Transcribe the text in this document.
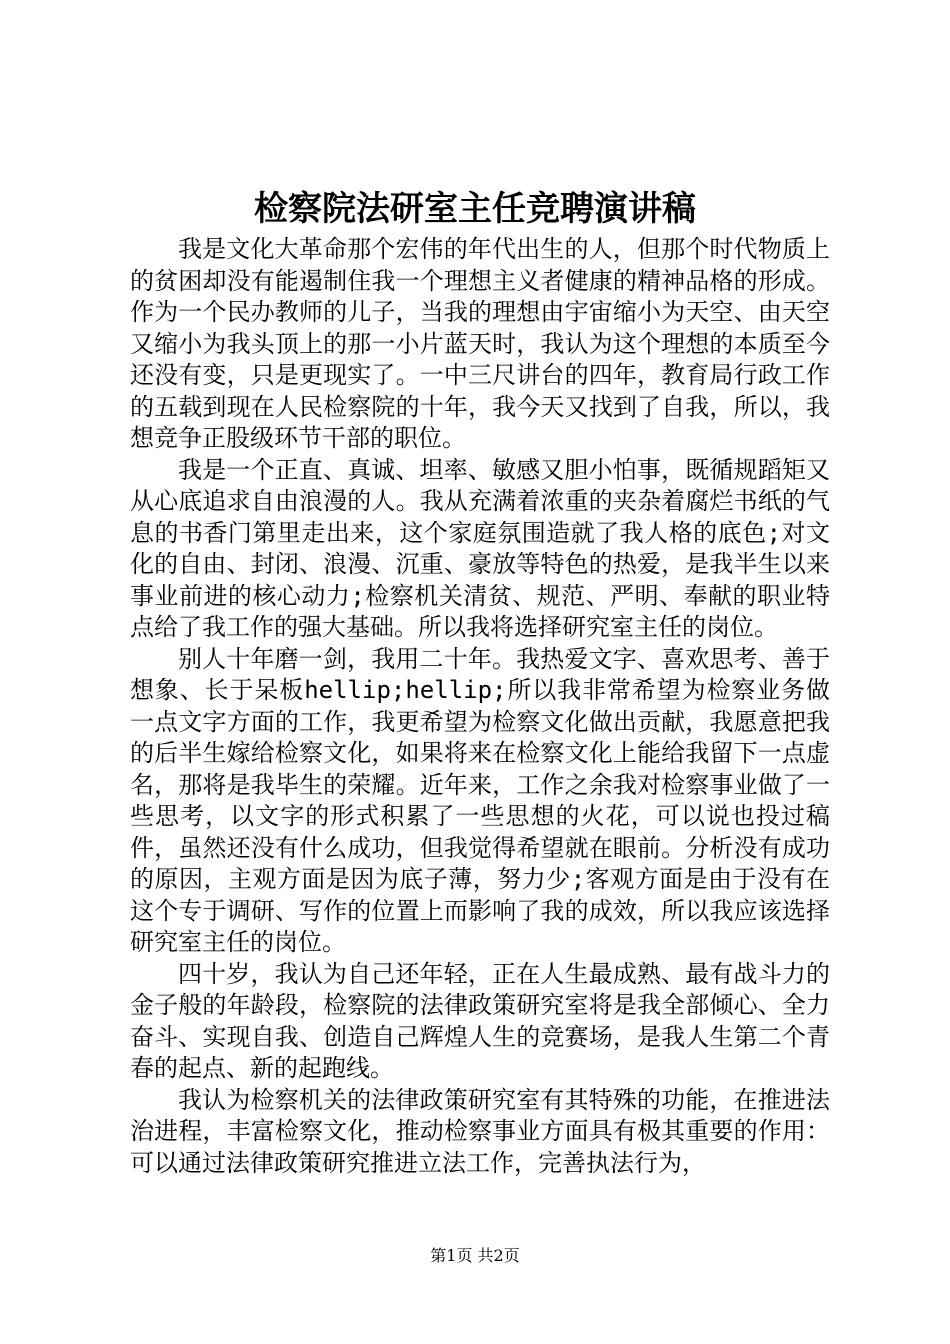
检察院法研室主任竞聘演讲稿

我是文化大革命那个宏伟的年代出生的人，但那个时代物质上的贫困却没有能遏制住我一个理想主义者健康的精神品格的形成。作为一个民办教师的儿子，当我的理想由宇宙缩小为天空、由天空又缩小为我头顶上的那一小片蓝天时，我认为这个理想的本质至今还没有变，只是更现实了。一中三尺讲台的四年，教育局行政工作的五载到现在人民检察院的十年，我今天又找到了自我，所以，我想竞争正股级环节干部的职位。

我是一个正直、真诚、坦率、敏感又胆小怕事，既循规蹈矩又从心底追求自由浪漫的人。我从充满着浓重的夹杂着腐烂书纸的气息的书香门第里走出来，这个家庭氛围造就了我人格的底色;对文化的自由、封闭、浪漫、沉重、豪放等特色的热爱，是我半生以来事业前进的核心动力;检察机关清贫、规范、严明、奉献的职业特点给了我工作的强大基础。所以我将选择研究室主任的岗位。

别人十年磨一剑，我用二十年。我热爱文字、喜欢思考、善于想象、长于呆板hellip;hellip;所以我非常希望为检察业务做一点文字方面的工作，我更希望为检察文化做出贡献，我愿意把我的后半生嫁给检察文化，如果将来在检察文化上能给我留下一点虚名，那将是我毕生的荣耀。近年来，工作之余我对检察事业做了一些思考，以文字的形式积累了一些思想的火花，可以说也投过稿件，虽然还没有什么成功，但我觉得希望就在眼前。分析没有成功的原因，主观方面是因为底子薄，努力少;客观方面是由于没有在这个专于调研、写作的位置上而影响了我的成效，所以我应该选择研究室主任的岗位。

四十岁，我认为自己还年轻，正在人生最成熟、最有战斗力的金子般的年龄段，检察院的法律政策研究室将是我全部倾心、全力奋斗、实现自我、创造自己辉煌人生的竞赛场，是我人生第二个青春的起点、新的起跑线。

我认为检察机关的法律政策研究室有其特殊的功能，在推进法治进程，丰富检察文化，推动检察事业方面具有极其重要的作用：可以通过法律政策研究推进立法工作，完善执法行为，

第1页 共2页
